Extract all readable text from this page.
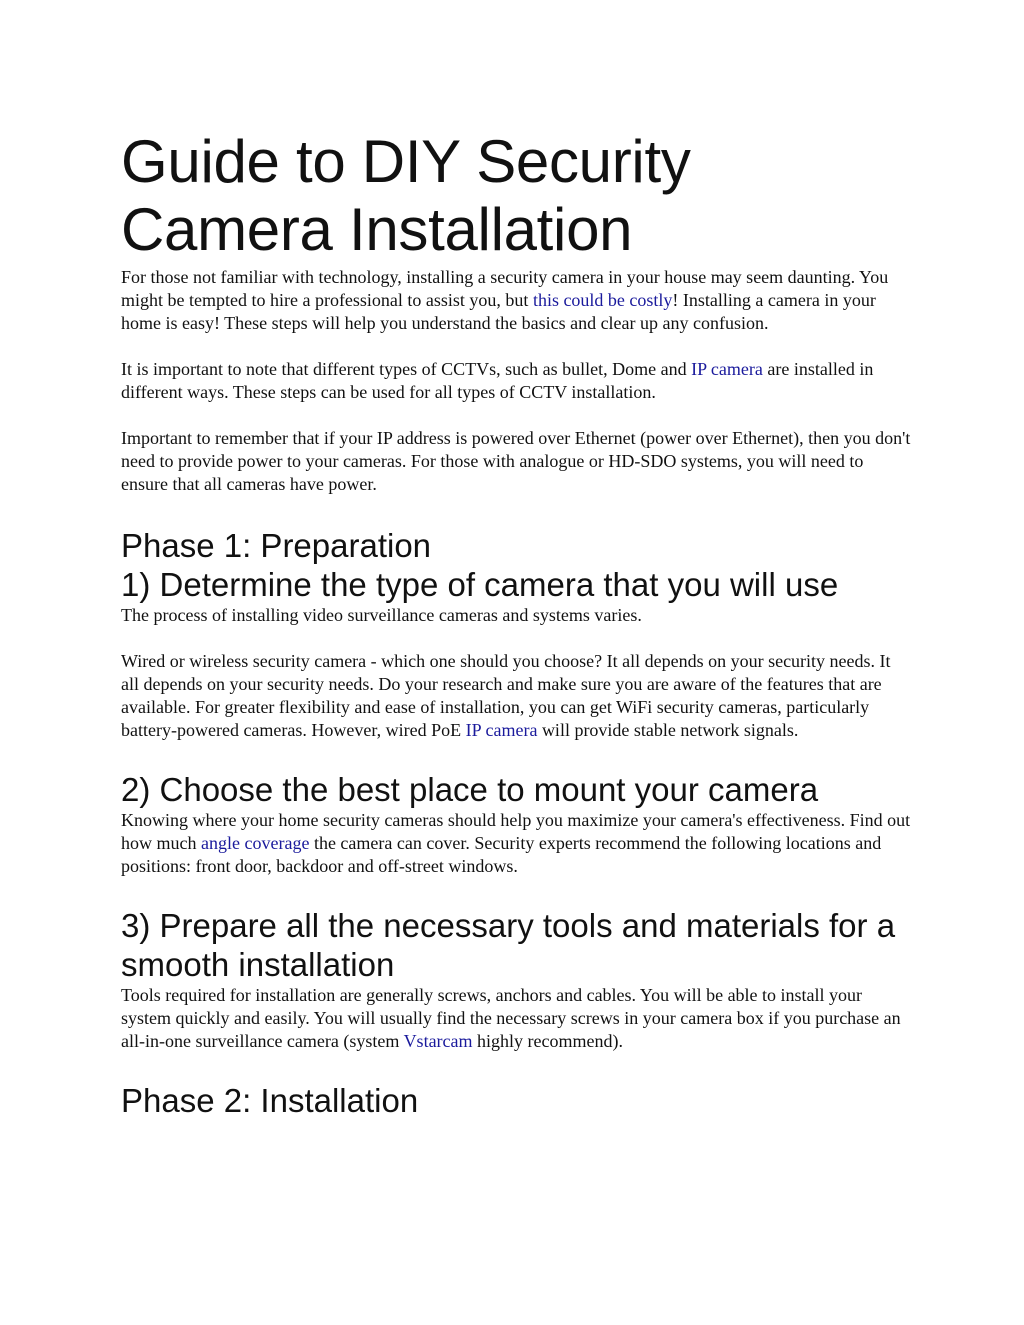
Guide to DIY Security Camera Installation

For those not familiar with technology, installing a security camera in your house may seem daunting. You might be tempted to hire a professional to assist you, but this could be costly! Installing a camera in your home is easy! These steps will help you understand the basics and clear up any confusion.

It is important to note that different types of CCTVs, such as bullet, Dome and IP camera are installed in different ways. These steps can be used for all types of CCTV installation.

Important to remember that if your IP address is powered over Ethernet (power over Ethernet), then you don't need to provide power to your cameras. For those with analogue or HD-SDO systems, you will need to ensure that all cameras have power.

Phase 1: Preparation
1) Determine the type of camera that you will use

The process of installing video surveillance cameras and systems varies.

Wired or wireless security camera - which one should you choose? It all depends on your security needs. It all depends on your security needs. Do your research and make sure you are aware of the features that are available. For greater flexibility and ease of installation, you can get WiFi security cameras, particularly battery-powered cameras. However, wired PoE IP camera will provide stable network signals.

2) Choose the best place to mount your camera

Knowing where your home security cameras should help you maximize your camera's effectiveness. Find out how much angle coverage the camera can cover. Security experts recommend the following locations and positions: front door, backdoor and off-street windows.

3) Prepare all the necessary tools and materials for a smooth installation

Tools required for installation are generally screws, anchors and cables. You will be able to install your system quickly and easily. You will usually find the necessary screws in your camera box if you purchase an all-in-one surveillance camera (system Vstarcam highly recommend).

Phase 2: Installation
